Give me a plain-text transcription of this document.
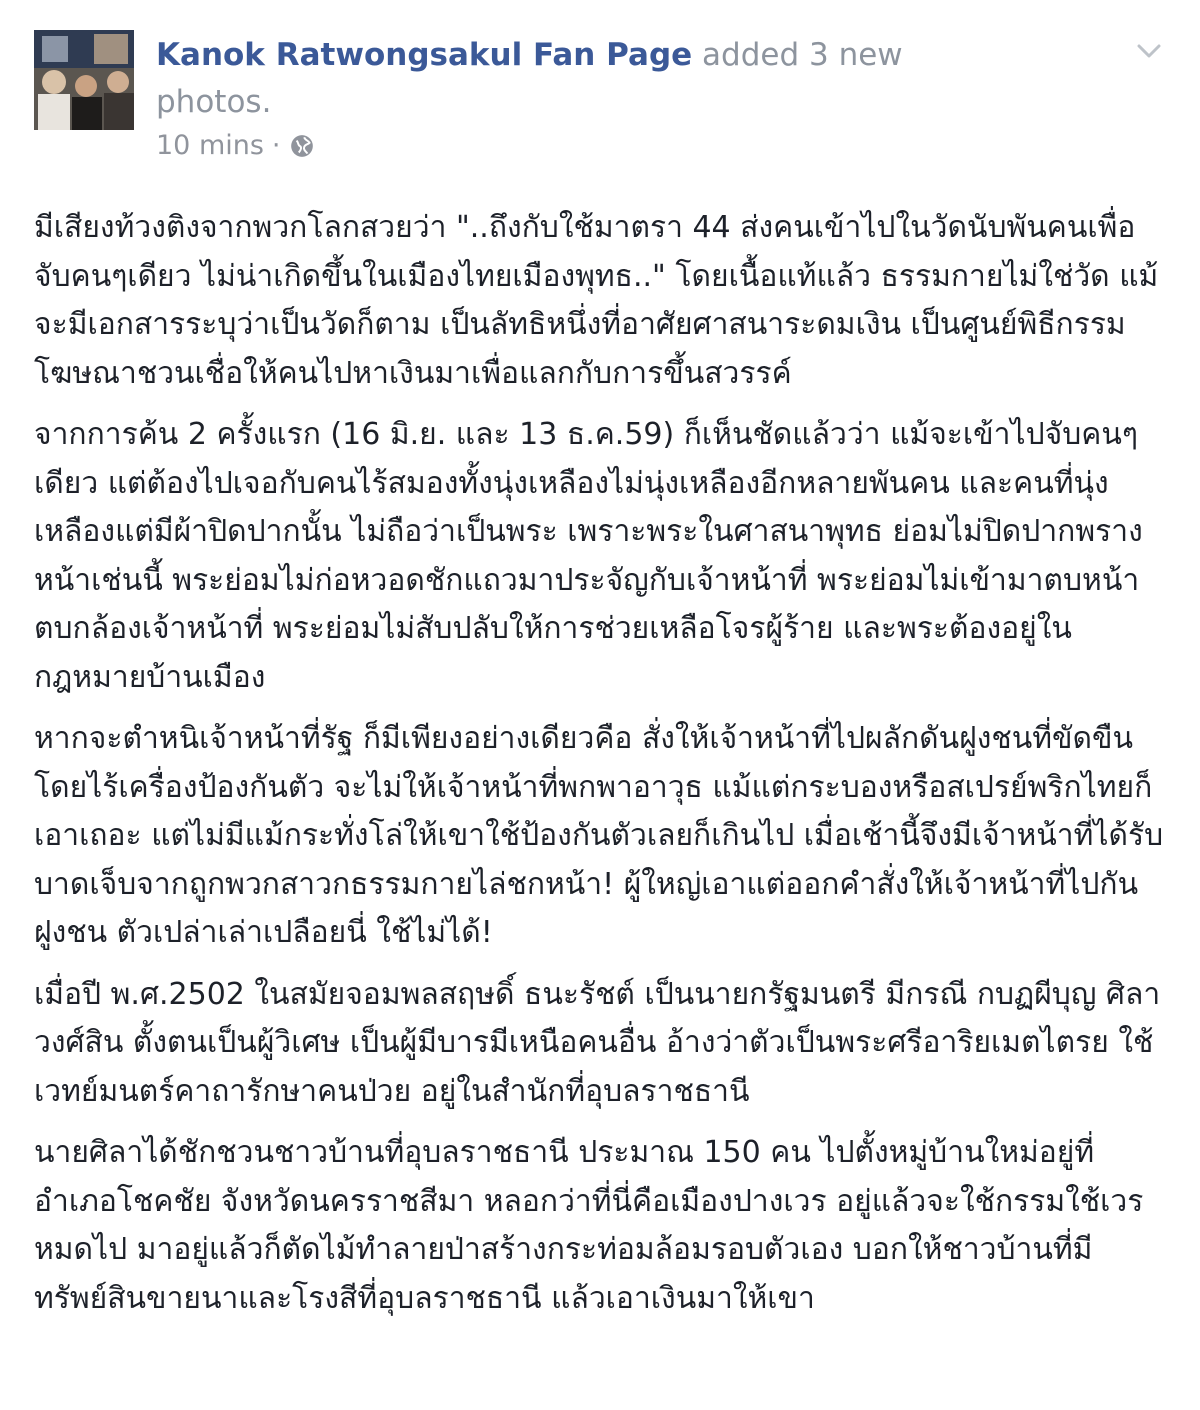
Kanok Ratwongsakul Fan Page added 3 new photos.
10 mins ·

มีเสียงท้วงติงจากพวกโลกสวยว่า "..ถึงกับใช้มาตรา 44 ส่งคนเข้าไปในวัดนับพันคนเพื่อจับคนๆเดียว ไม่น่าเกิดขึ้นในเมืองไทยเมืองพุทธ.." โดยเนื้อแท้แล้ว ธรรมกายไม่ใช่วัด แม้จะมีเอกสารระบุว่าเป็นวัดก็ตาม เป็นลัทธิหนึ่งที่อาศัยศาสนาระดมเงิน เป็นศูนย์พิธีกรรม โฆษณาชวนเชื่อให้คนไปหาเงินมาเพื่อแลกกับการขึ้นสวรรค์

จากการค้น 2 ครั้งแรก (16 มิ.ย. และ 13 ธ.ค.59) ก็เห็นชัดแล้วว่า แม้จะเข้าไปจับคนๆเดียว แต่ต้องไปเจอกับคนไร้สมองทั้งนุ่งเหลืองไม่นุ่งเหลืองอีกหลายพันคน และคนที่นุ่งเหลืองแต่มีผ้าปิดปากนั้น ไม่ถือว่าเป็นพระ เพราะพระในศาสนาพุทธ ย่อมไม่ปิดปากพรางหน้าเช่นนี้ พระย่อมไม่ก่อหวอดชักแถวมาประจัญกับเจ้าหน้าที่ พระย่อมไม่เข้ามาตบหน้าตบกล้องเจ้าหน้าที่ พระย่อมไม่สับปลับให้การช่วยเหลือโจรผู้ร้าย และพระต้องอยู่ในกฎหมายบ้านเมือง

หากจะตำหนิเจ้าหน้าที่รัฐ ก็มีเพียงอย่างเดียวคือ สั่งให้เจ้าหน้าที่ไปผลักดันฝูงชนที่ขัดขืน โดยไร้เครื่องป้องกันตัว จะไม่ให้เจ้าหน้าที่พกพาอาวุธ แม้แต่กระบองหรือสเปรย์พริกไทยก็เอาเถอะ แต่ไม่มีแม้กระทั่งโล่ให้เขาใช้ป้องกันตัวเลยก็เกินไป เมื่อเช้านี้จึงมีเจ้าหน้าที่ได้รับบาดเจ็บจากถูกพวกสาวกธรรมกายไล่ชกหน้า! ผู้ใหญ่เอาแต่ออกคำสั่งให้เจ้าหน้าที่ไปกันฝูงชน ตัวเปล่าเล่าเปลือยนี่ ใช้ไม่ได้!

เมื่อปี พ.ศ.2502 ในสมัยจอมพลสฤษดิ์ ธนะรัชต์ เป็นนายกรัฐมนตรี มีกรณี กบฏผีบุญ ศิลา วงศ์สิน ตั้งตนเป็นผู้วิเศษ เป็นผู้มีบารมีเหนือคนอื่น อ้างว่าตัวเป็นพระศรีอาริยเมตไตรย ใช้เวทย์มนตร์คาถารักษาคนป่วย อยู่ในสำนักที่อุบลราชธานี

นายศิลาได้ชักชวนชาวบ้านที่อุบลราชธานี ประมาณ 150 คน ไปตั้งหมู่บ้านใหม่อยู่ที่ อำเภอโชคชัย จังหวัดนครราชสีมา หลอกว่าที่นี่คือเมืองปางเวร อยู่แล้วจะใช้กรรมใช้เวรหมดไป มาอยู่แล้วก็ตัดไม้ทำลายป่าสร้างกระท่อมล้อมรอบตัวเอง บอกให้ชาวบ้านที่มีทรัพย์สินขายนาและโรงสีที่อุบลราชธานี แล้วเอาเงินมาให้เขา
